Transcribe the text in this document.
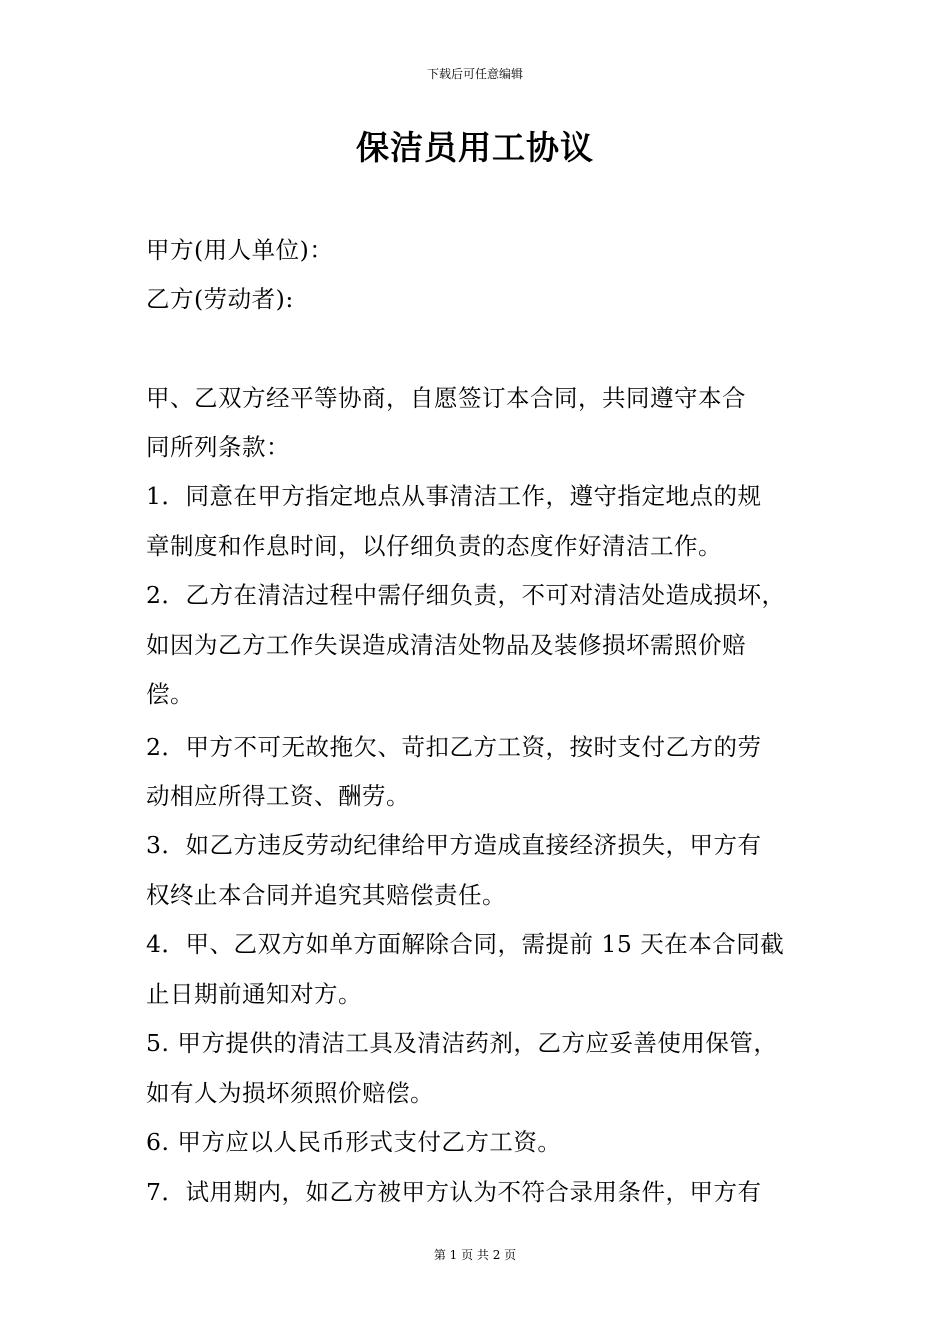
下载后可任意编辑
保洁员用工协议
甲方(用人单位)：
乙方(劳动者):
甲、乙双方经平等协商，自愿签订本合同，共同遵守本合
同所列条款：
1．同意在甲方指定地点从事清洁工作，遵守指定地点的规
章制度和作息时间，以仔细负责的态度作好清洁工作。
2．乙方在清洁过程中需仔细负责，不可对清洁处造成损坏，
如因为乙方工作失误造成清洁处物品及装修损坏需照价赔
偿。
2．甲方不可无故拖欠、苛扣乙方工资，按时支付乙方的劳
动相应所得工资、酬劳。
3．如乙方违反劳动纪律给甲方造成直接经济损失，甲方有
权终止本合同并追究其赔偿责任。
4．甲、乙双方如单方面解除合同，需提前 15 天在本合同截
止日期前通知对方。
5. 甲方提供的清洁工具及清洁药剂，乙方应妥善使用保管，
如有人为损坏须照价赔偿。
6. 甲方应以人民币形式支付乙方工资。
7．试用期内，如乙方被甲方认为不符合录用条件，甲方有
第 1 页 共 2 页
